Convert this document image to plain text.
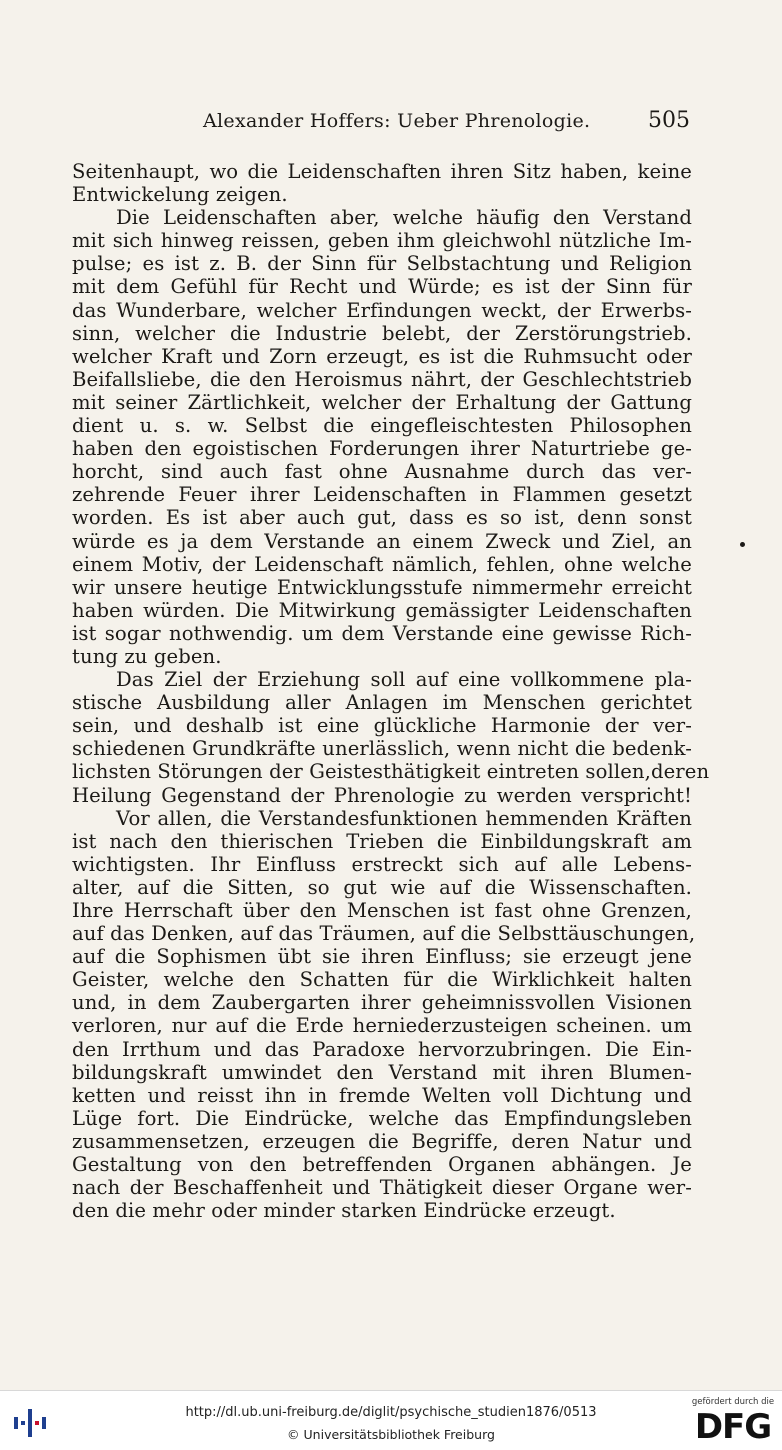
Alexander Hoffers: Ueber Phrenologie.	505
Seitenhaupt, wo die Leidenschaften ihren Sitz haben, keine
Entwickelung zeigen.
Die Leidenschaften aber, welche häufig den Verstand
mit sich hinweg reissen, geben ihm gleichwohl nützliche Im-
pulse; es ist z. B. der Sinn für Selbstachtung und Religion
mit dem Gefühl für Recht und Würde; es ist der Sinn für
das Wunderbare, welcher Erfindungen weckt, der Erwerbs-
sinn, welcher die Industrie belebt, der Zerstörungstrieb.
welcher Kraft und Zorn erzeugt, es ist die Ruhmsucht oder
Beifallsliebe, die den Heroismus nährt, der Geschlechtstrieb
mit seiner Zärtlichkeit, welcher der Erhaltung der Gattung
dient u. s. w. Selbst die eingefleischtesten Philosophen
haben den egoistischen Forderungen ihrer Naturtriebe ge-
horcht, sind auch fast ohne Ausnahme durch das ver-
zehrende Feuer ihrer Leidenschaften in Flammen gesetzt
worden. Es ist aber auch gut, dass es so ist, denn sonst
würde es ja dem Verstande an einem Zweck und Ziel, an
einem Motiv, der Leidenschaft nämlich, fehlen, ohne welche
wir unsere heutige Entwicklungsstufe nimmermehr erreicht
haben würden. Die Mitwirkung gemässigter Leidenschaften
ist sogar nothwendig. um dem Verstande eine gewisse Rich-
tung zu geben.
Das Ziel der Erziehung soll auf eine vollkommene pla-
stische Ausbildung aller Anlagen im Menschen gerichtet
sein, und deshalb ist eine glückliche Harmonie der ver-
schiedenen Grundkräfte unerlässlich, wenn nicht die bedenk-
lichsten Störungen der Geistesthätigkeit eintreten sollen,deren
Heilung Gegenstand der Phrenologie zu werden verspricht!
Vor allen, die Verstandesfunktionen hemmenden Kräften
ist nach den thierischen Trieben die Einbildungskraft am
wichtigsten. Ihr Einfluss erstreckt sich auf alle Lebens-
alter, auf die Sitten, so gut wie auf die Wissenschaften.
Ihre Herrschaft über den Menschen ist fast ohne Grenzen,
auf das Denken, auf das Träumen, auf die Selbsttäuschungen,
auf die Sophismen übt sie ihren Einfluss; sie erzeugt jene
Geister, welche den Schatten für die Wirklichkeit halten
und, in dem Zaubergarten ihrer geheimnissvollen Visionen
verloren, nur auf die Erde herniederzusteigen scheinen. um
den Irrthum und das Paradoxe hervorzubringen. Die Ein-
bildungskraft umwindet den Verstand mit ihren Blumen-
ketten und reisst ihn in fremde Welten voll Dichtung und
Lüge fort. Die Eindrücke, welche das Empfindungsleben
zusammensetzen, erzeugen die Begriffe, deren Natur und
Gestaltung von den betreffenden Organen abhängen. Je
nach der Beschaffenheit und Thätigkeit dieser Organe wer-
den die mehr oder minder starken Eindrücke erzeugt.
http://dl.ub.uni-freiburg.de/diglit/psychische_studien1876/0513
© Universitätsbibliothek Freiburg
gefördert durch die
DFG
